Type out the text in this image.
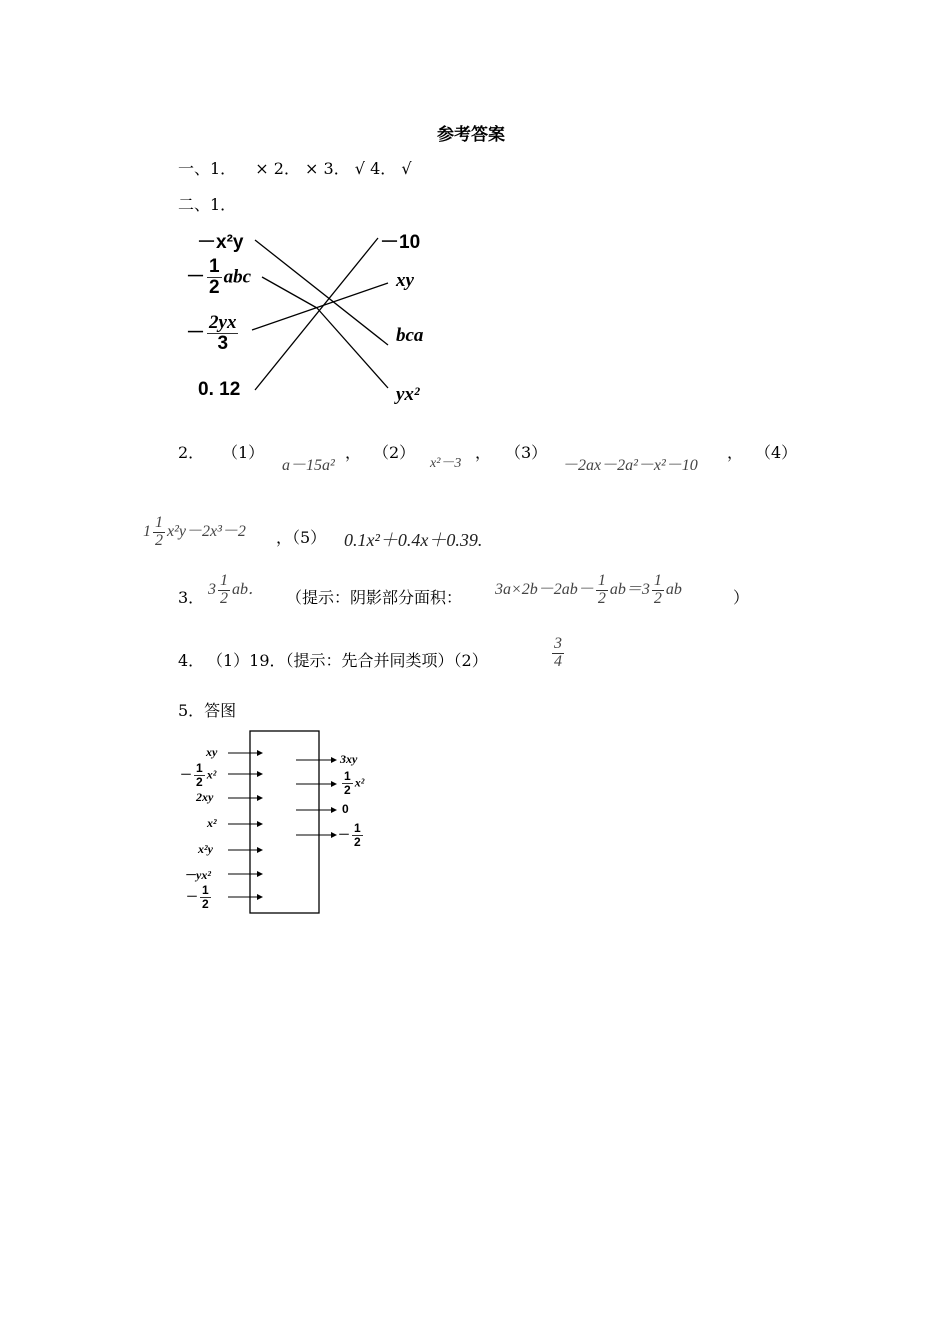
参考答案
一、1． × 2． × 3． √ 4． √
二、1．
－x²y
－ $\frac{1}{2}$ abc
－ $\frac{2yx}{3}$
0. 12
－10
xy
bca
yx²
2． （1）
a－15a²
， （2）
x²－3
， （3）
－2ax－2a²－x²－10
， （4）
$1 \frac{1}{2} x^2y-2x^3-2$ ，（5） 0.1x²＋0.4x＋0.39.
3． $3 \frac{1}{2}$ ab． （提示：阴影部分面积： $3a\times 2b-2ab- \frac{1}{2} ab=3 \frac{1}{2}$ ab	）
4． （1）19．（提示：先合并同类项）（2）	$\frac{3}{4}$
5．答图
xy
－ $\frac{1}{2} x^2$
2xy
x²
x²y
－yx²
－ $\frac{1}{2}$
3xy
$\frac{1}{2} x^2$
0
－ $\frac{1}{2}$
